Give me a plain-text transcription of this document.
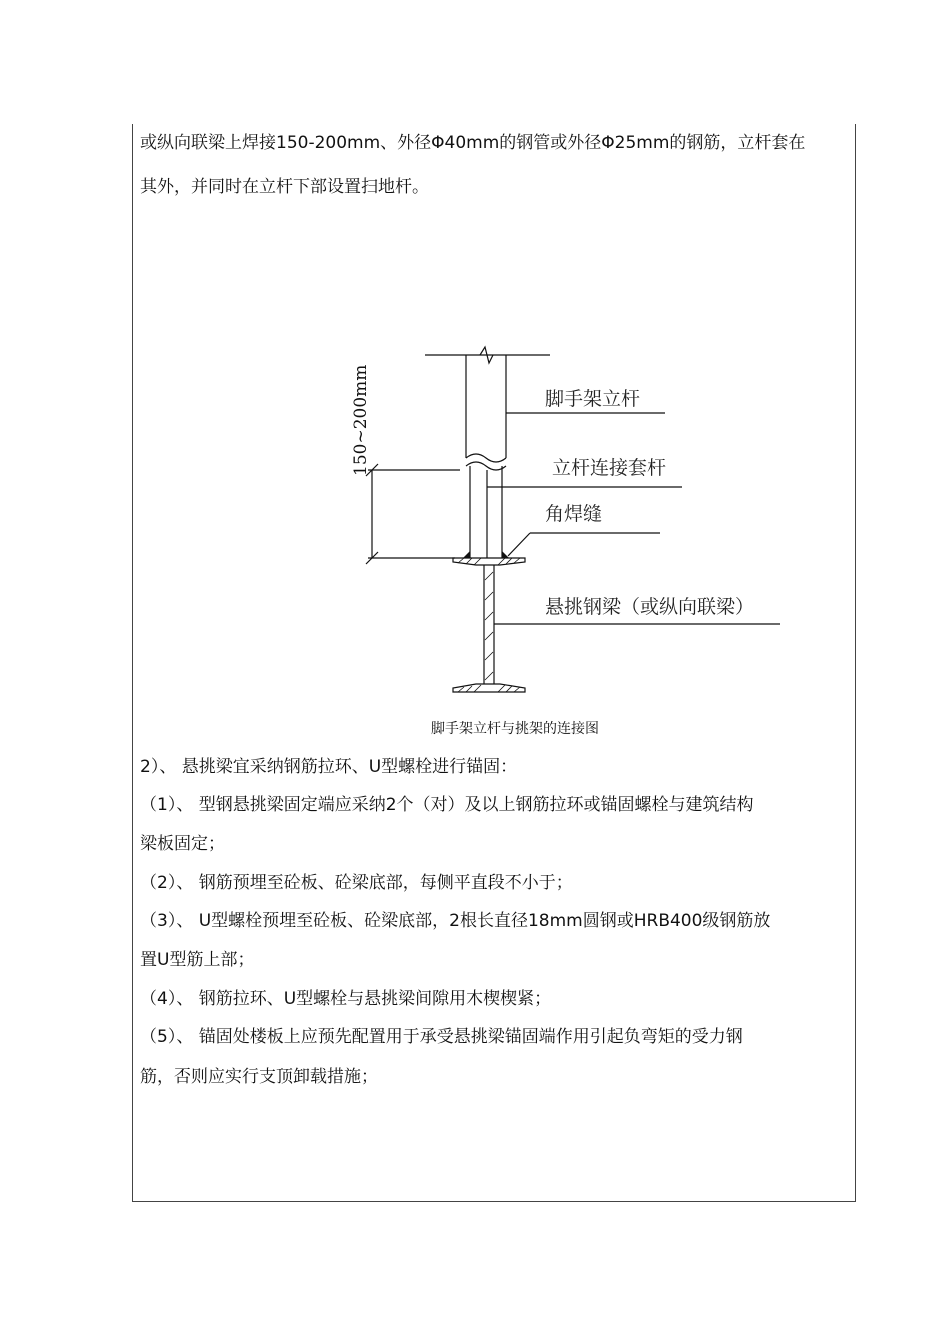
或纵向联梁上焊接150-200mm、外径Φ40mm的钢管或外径Φ25mm的钢筋，立杆套在
其外，并同时在立杆下部设置扫地杆。
脚手架立杆
立杆连接套杆
角焊缝
悬挑钢梁（或纵向联梁）
150~200mm
脚手架立杆与挑架的连接图
2）、 悬挑梁宜采纳钢筋拉环、U型螺栓进行锚固：
（1）、 型钢悬挑梁固定端应采纳2个（对）及以上钢筋拉环或锚固螺栓与建筑结构
梁板固定；
（2）、 钢筋预埋至砼板、砼梁底部，每侧平直段不小于；
（3）、 U型螺栓预埋至砼板、砼梁底部，2根长直径18mm圆钢或HRB400级钢筋放
置U型筋上部；
（4）、 钢筋拉环、U型螺栓与悬挑梁间隙用木楔楔紧；
（5）、 锚固处楼板上应预先配置用于承受悬挑梁锚固端作用引起负弯矩的受力钢
筋，否则应实行支顶卸载措施；
